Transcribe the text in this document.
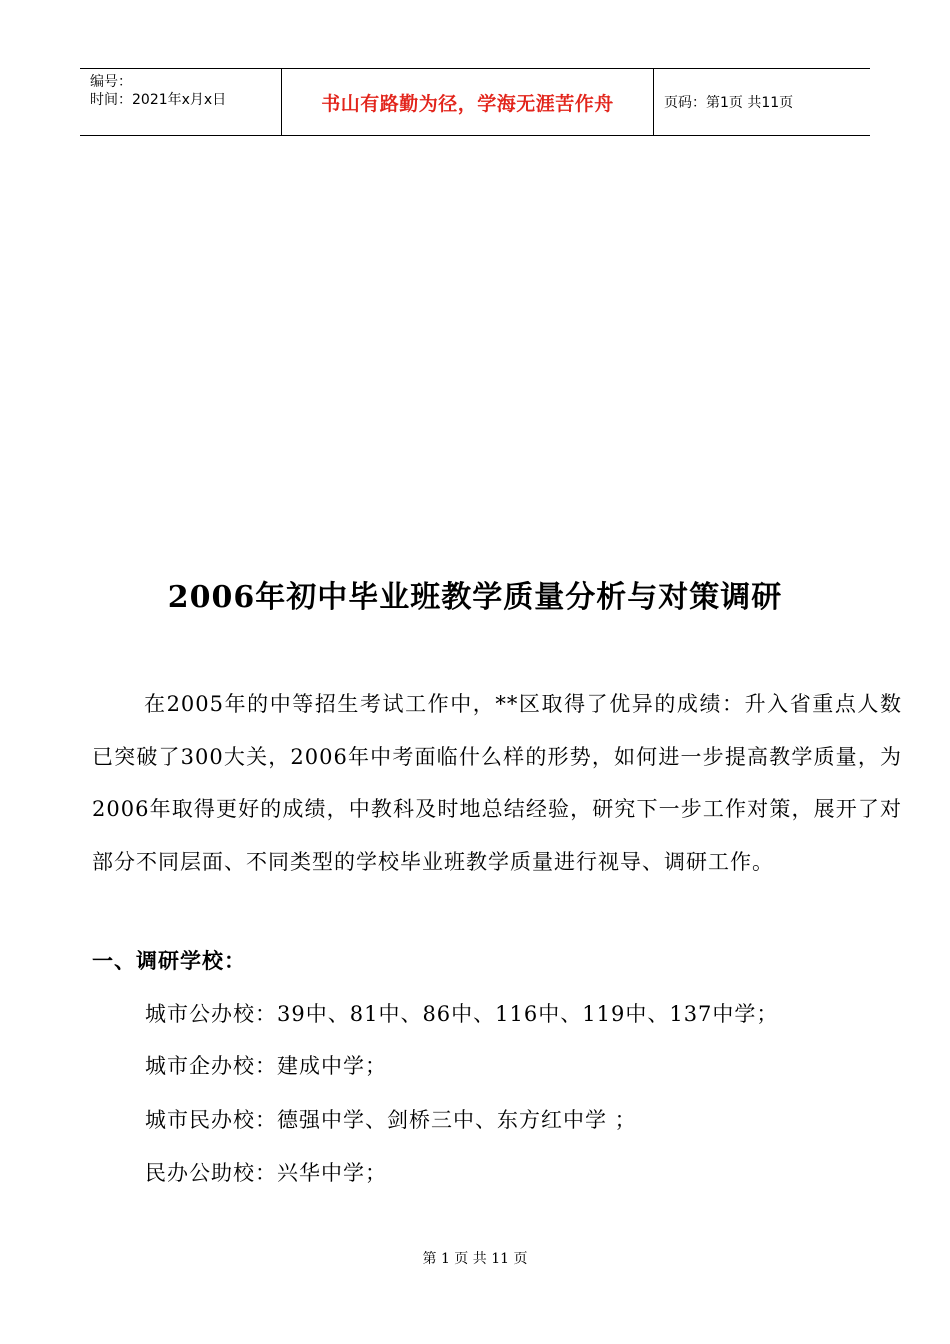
编号：
时间：2021年x月x日	书山有路勤为径，学海无涯苦作舟	页码：第1页 共11页
2006年初中毕业班教学质量分析与对策调研

在2005年的中等招生考试工作中，**区取得了优异的成绩：升入省重点人数已突破了300大关，2006年中考面临什么样的形势，如何进一步提高教学质量，为2006年取得更好的成绩，中教科及时地总结经验，研究下一步工作对策，展开了对部分不同层面、不同类型的学校毕业班教学质量进行视导、调研工作。

一、调研学校：
城市公办校：39中、81中、86中、116中、119中、137中学；
城市企办校：建成中学；
城市民办校：德强中学、剑桥三中、东方红中学 ；
民办公助校：兴华中学；
第 1 页 共 11 页
